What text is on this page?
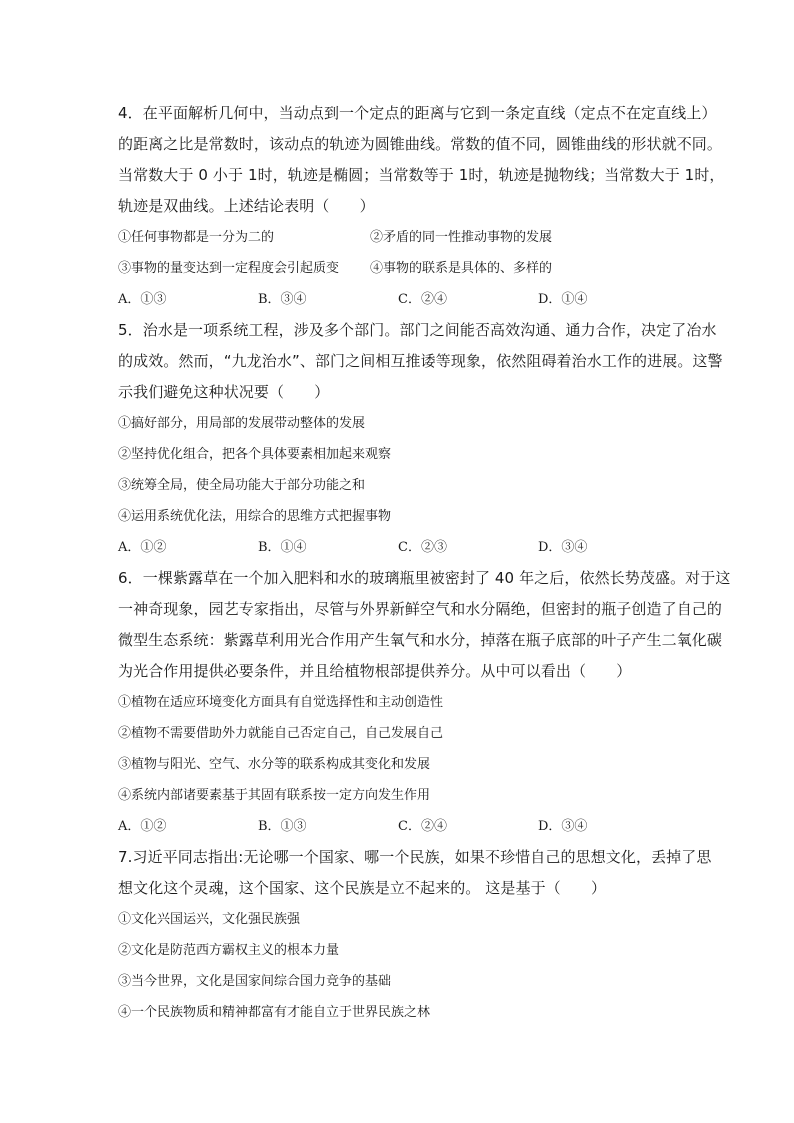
4．在平面解析几何中，当动点到一个定点的距离与它到一条定直线（定点不在定直线上）
的距离之比是常数时，该动点的轨迹为圆锥曲线。常数的值不同，圆锥曲线的形状就不同。
当常数大于 0 小于 1时，轨迹是椭圆；当常数等于 1时，轨迹是抛物线；当常数大于 1时，
轨迹是双曲线。上述结论表明（　　）
①任何事物都是一分为二的	②矛盾的同一性推动事物的发展
③事物的量变达到一定程度会引起质变	④事物的联系是具体的、多样的
A．①③	B．③④	C．②④	D．①④
5．治水是一项系统工程，涉及多个部门。部门之间能否高效沟通、通力合作，决定了冶水
的成效。然而，“九龙治水”、部门之间相互推诿等现象，依然阻碍着治水工作的进展。这警
示我们避免这种状况要（　　）
①搞好部分，用局部的发展带动整体的发展
②坚持优化组合，把各个具体要素相加起来观察
③统筹全局，使全局功能大于部分功能之和
④运用系统优化法，用综合的思维方式把握事物
A．①②	B．①④	C．②③	D．③④
6．一棵紫露草在一个加入肥料和水的玻璃瓶里被密封了 40 年之后，依然长势茂盛。对于这
一神奇现象，园艺专家指出，尽管与外界新鲜空气和水分隔绝，但密封的瓶子创造了自己的
微型生态系统：紫露草利用光合作用产生氧气和水分，掉落在瓶子底部的叶子产生二氧化碳
为光合作用提供必要条件，并且给植物根部提供养分。从中可以看出（　　）
①植物在适应环境变化方面具有自觉选择性和主动创造性
②植物不需要借助外力就能自己否定自己，自己发展自己
③植物与阳光、空气、水分等的联系构成其变化和发展
④系统内部诸要素基于其固有联系按一定方向发生作用
A．①②	B．①③	C．②④	D．③④
7.习近平同志指出:无论哪一个国家、哪一个民族，如果不珍惜自己的思想文化，丢掉了思
想文化这个灵魂，这个国家、这个民族是立不起来的。 这是基于（　　）
①文化兴国运兴，文化强民族强
②文化是防范西方霸权主义的根本力量
③当今世界，文化是国家间综合国力竞争的基础
④一个民族物质和精神都富有才能自立于世界民族之林
